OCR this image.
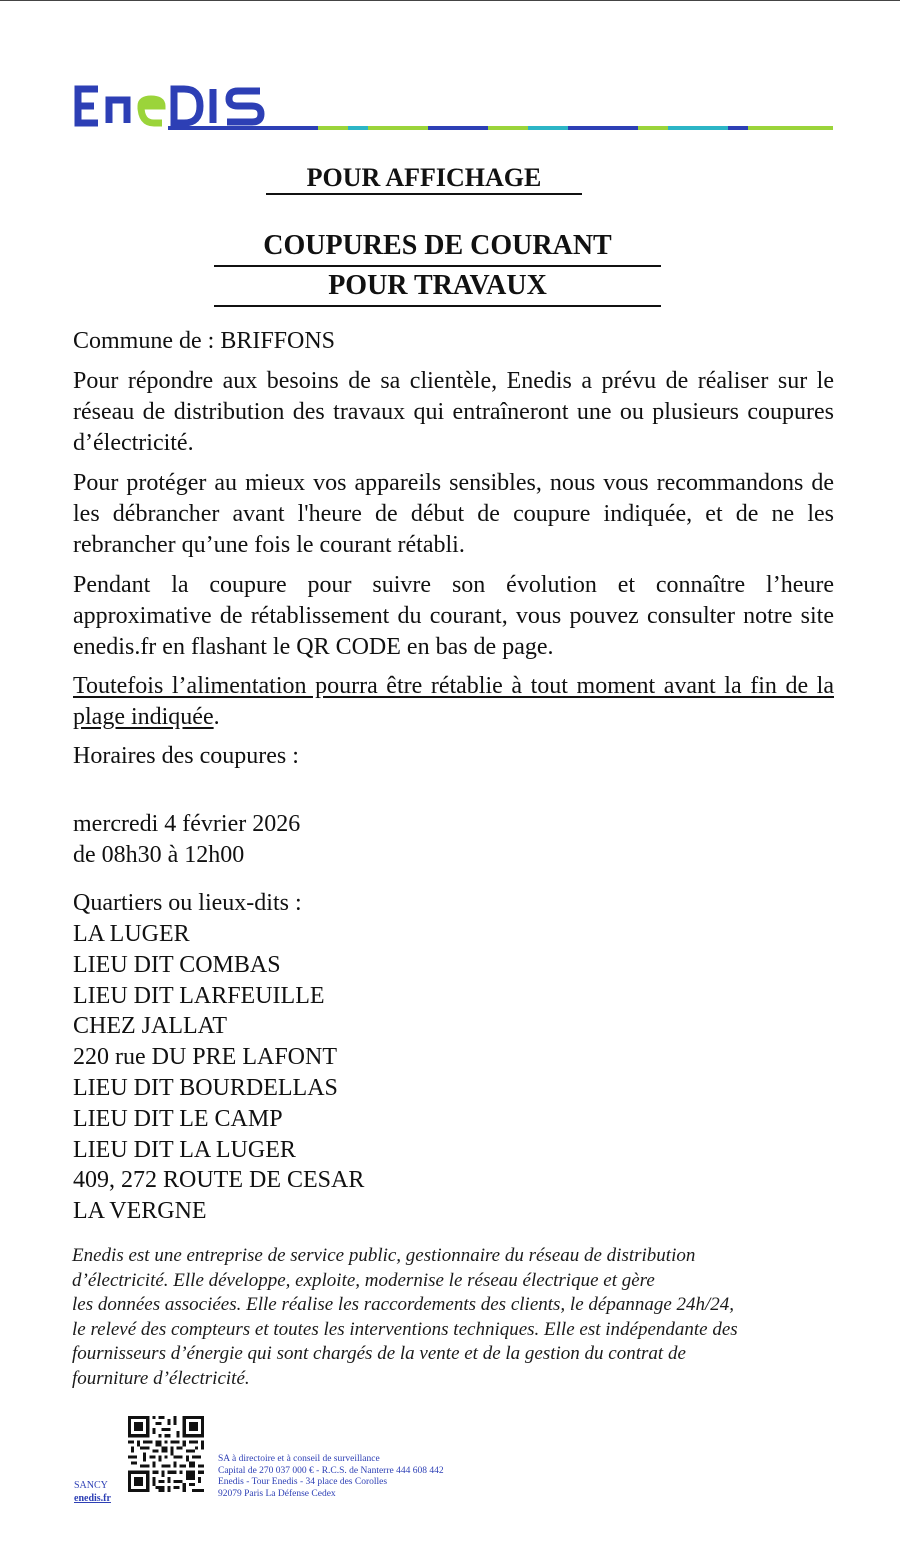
POUR AFFICHAGE
COUPURES DE COURANT
POUR TRAVAUX
Commune de : BRIFFONS
Pour répondre aux besoins de sa clientèle, Enedis a prévu de réaliser sur le réseau de distribution des travaux qui entraîneront une ou plusieurs coupures d’électricité.
Pour protéger au mieux vos appareils sensibles, nous vous recommandons de les débrancher avant l'heure de début de coupure indiquée, et de ne les rebrancher qu’une fois le courant rétabli.
Pendant la coupure pour suivre son évolution et connaître l’heure approximative de rétablissement du courant, vous pouvez consulter notre site enedis.fr en flashant le QR CODE en bas de page.
Toutefois l’alimentation pourra être rétablie à tout moment avant la fin de la plage indiquée.
Horaires des coupures :
mercredi 4 février 2026
de 08h30 à 12h00
Quartiers ou lieux-dits :
LA LUGER
LIEU DIT COMBAS
LIEU DIT LARFEUILLE
CHEZ JALLAT
220 rue DU PRE LAFONT
LIEU DIT BOURDELLAS
LIEU DIT LE CAMP
LIEU DIT LA LUGER
409, 272 ROUTE DE CESAR
LA VERGNE
Enedis est une entreprise de service public, gestionnaire du réseau de distribution
d’électricité. Elle développe, exploite, modernise le réseau électrique et gère
les données associées. Elle réalise les raccordements des clients, le dépannage 24h/24,
le relevé des compteurs et toutes les interventions techniques. Elle est indépendante des
fournisseurs d’énergie qui sont chargés de la vente et de la gestion du contrat de
fourniture d’électricité.
SANCY
enedis.fr
SA à directoire et à conseil de surveillance
Capital de 270 037 000 € - R.C.S. de Nanterre 444 608 442
Enedis - Tour Enedis - 34 place des Corolles
92079 Paris La Défense Cedex
